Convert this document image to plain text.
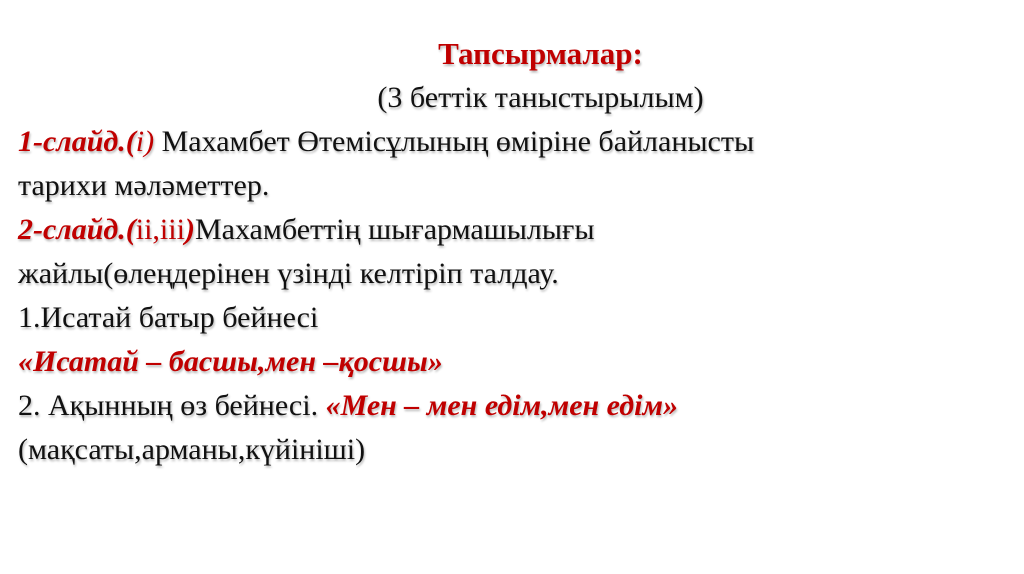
Тапсырмалар:
(3 беттік таныстырылым)
1-слайд.(i) Махамбет Өтемісұлының өміріне байланысты
тарихи мәләметтер.
2-слайд.(ii,iii)Махамбеттің шығармашылығы
жайлы(өлеңдерінен үзінді келтіріп талдау.
1.Исатай батыр бейнесі
«Исатай – басшы,мен –қосшы»
2. Ақынның өз бейнесі. «Мен – мен едім,мен едім»
(мақсаты,арманы,күйініші)
